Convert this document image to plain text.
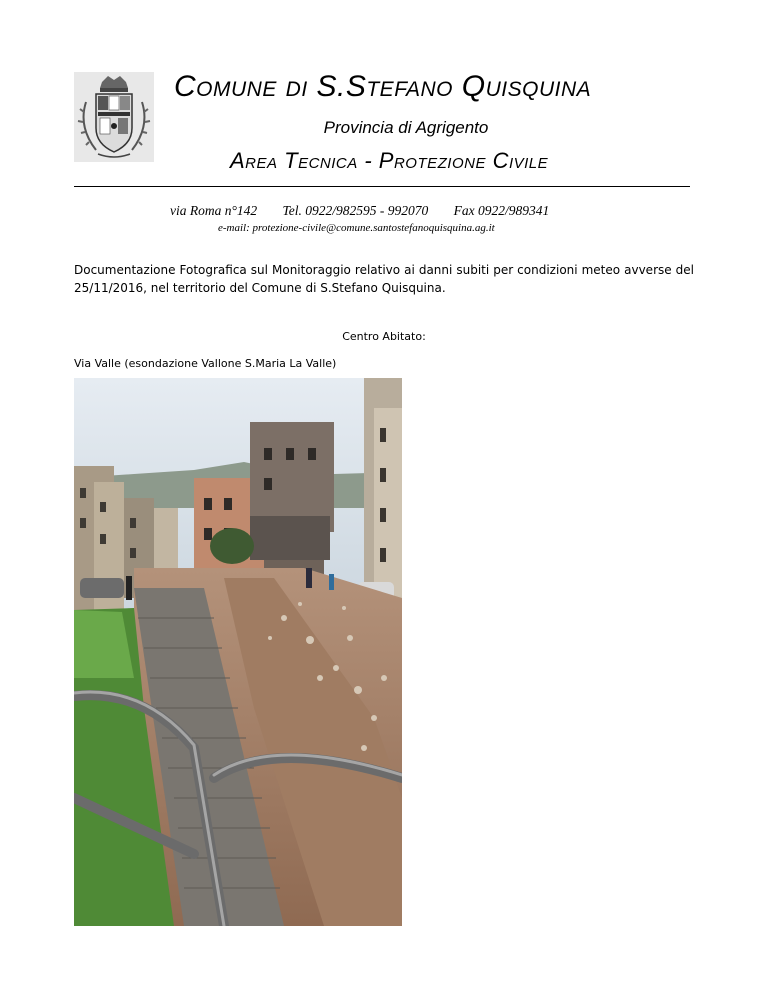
Comune di S.Stefano Quisquina
Provincia di Agrigento
Area Tecnica - Protezione Civile
via Roma n°142 Tel. 0922/982595 - 992070 Fax 0922/989341
e-mail: protezione-civile@comune.santostefanoquisquina.ag.it
Documentazione Fotografica sul Monitoraggio relativo ai danni subiti per condizioni meteo avverse del 25/11/2016, nel territorio del Comune di S.Stefano Quisquina.
Centro Abitato:
Via Valle (esondazione Vallone S.Maria La Valle)
